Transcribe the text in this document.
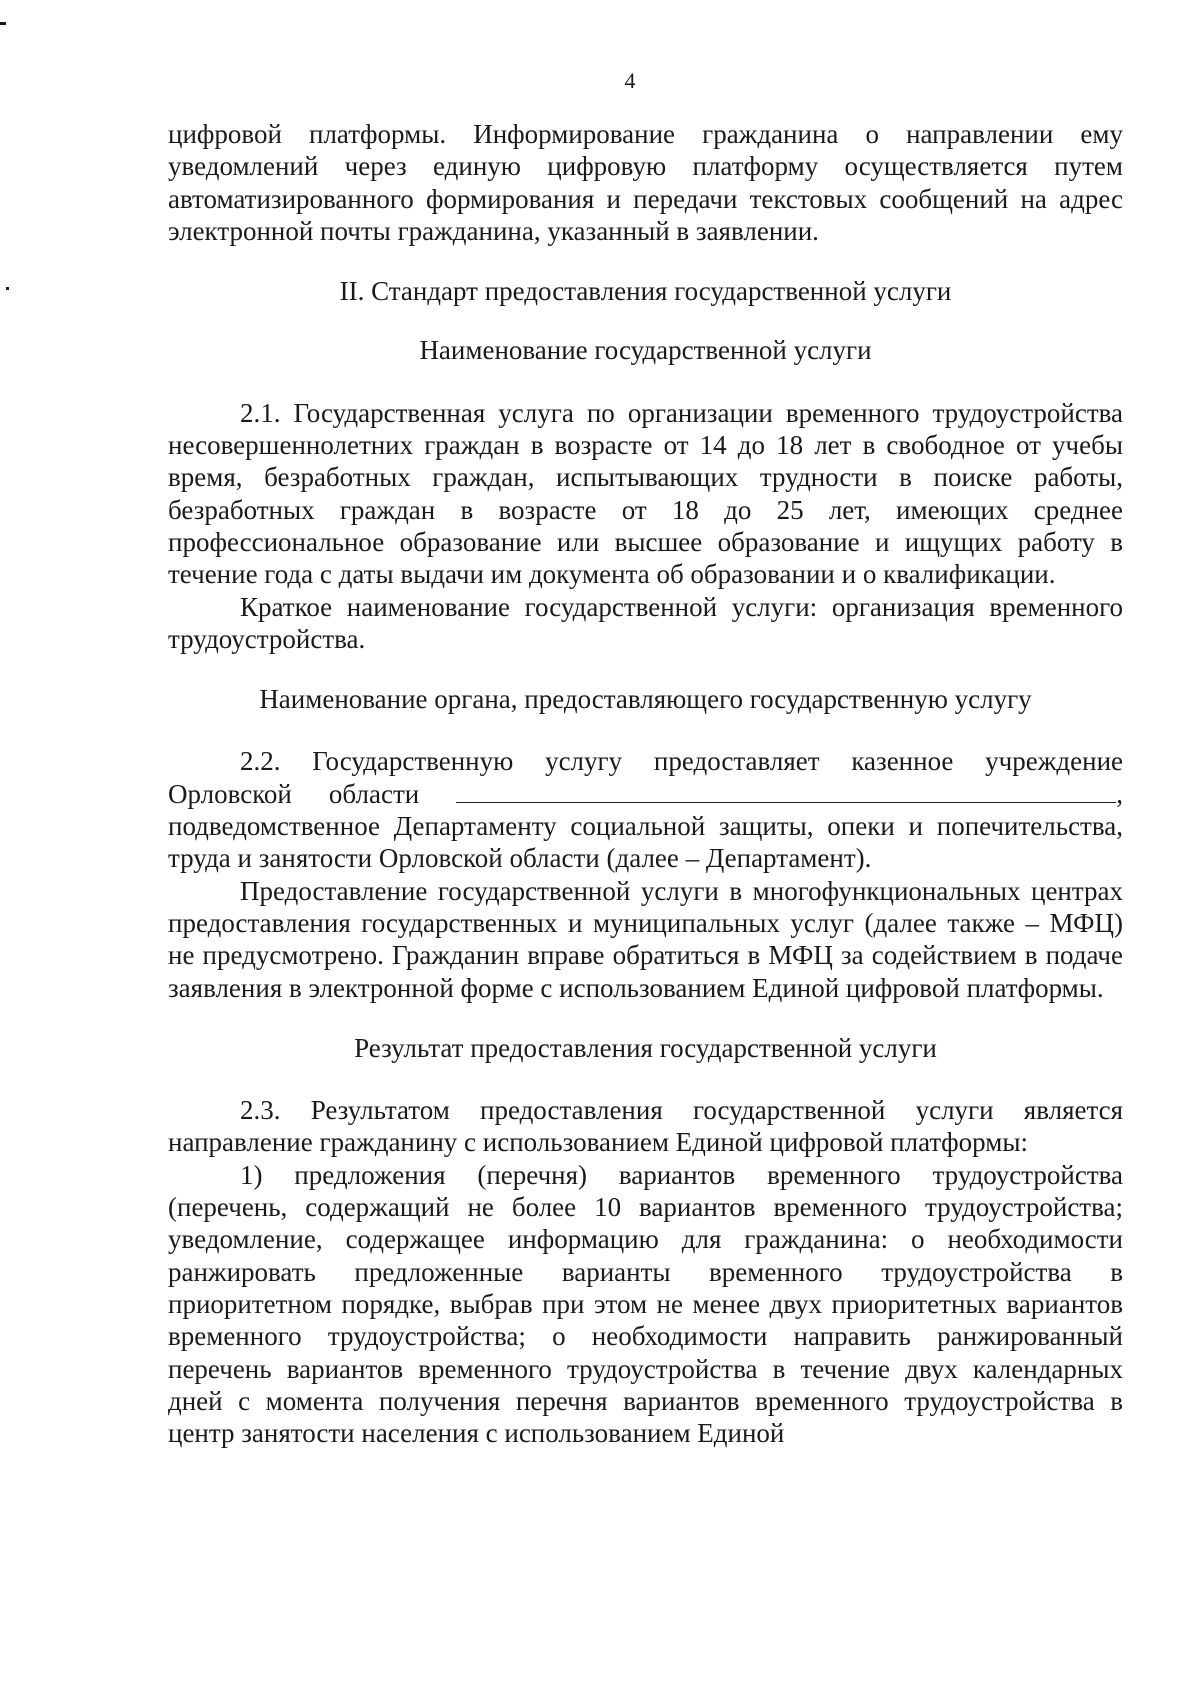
4

цифровой платформы. Информирование гражданина о направлении ему уведомлений через единую цифровую платформу осуществляется путем автоматизированного формирования и передачи текстовых сообщений на адрес электронной почты гражданина, указанный в заявлении.

II. Стандарт предоставления государственной услуги

Наименование государственной услуги

2.1. Государственная услуга по организации временного трудоустройства несовершеннолетних граждан в возрасте от 14 до 18 лет в свободное от учебы время, безработных граждан, испытывающих трудности в поиске работы, безработных граждан в возрасте от 18 до 25 лет, имеющих среднее профессиональное образование или высшее образование и ищущих работу в течение года с даты выдачи им документа об образовании и о квалификации.

Краткое наименование государственной услуги: организация временного трудоустройства.

Наименование органа, предоставляющего государственную услугу

2.2. Государственную услугу предоставляет казенное учреждение Орловской области	, подведомственное Департаменту социальной защиты, опеки и попечительства, труда и занятости Орловской области (далее – Департамент).

Предоставление государственной услуги в многофункциональных центрах предоставления государственных и муниципальных услуг (далее также – МФЦ) не предусмотрено. Гражданин вправе обратиться в МФЦ за содействием в подаче заявления в электронной форме с использованием Единой цифровой платформы.

Результат предоставления государственной услуги

2.3. Результатом предоставления государственной услуги является направление гражданину с использованием Единой цифровой платформы:

1) предложения (перечня) вариантов временного трудоустройства (перечень, содержащий не более 10 вариантов временного трудоустройства; уведомление, содержащее информацию для гражданина: о необходимости ранжировать предложенные варианты временного трудоустройства в приоритетном порядке, выбрав при этом не менее двух приоритетных вариантов временного трудоустройства; о необходимости направить ранжированный перечень вариантов временного трудоустройства в течение двух календарных дней с момента получения перечня вариантов временного трудоустройства в центр занятости населения с использованием Единой
